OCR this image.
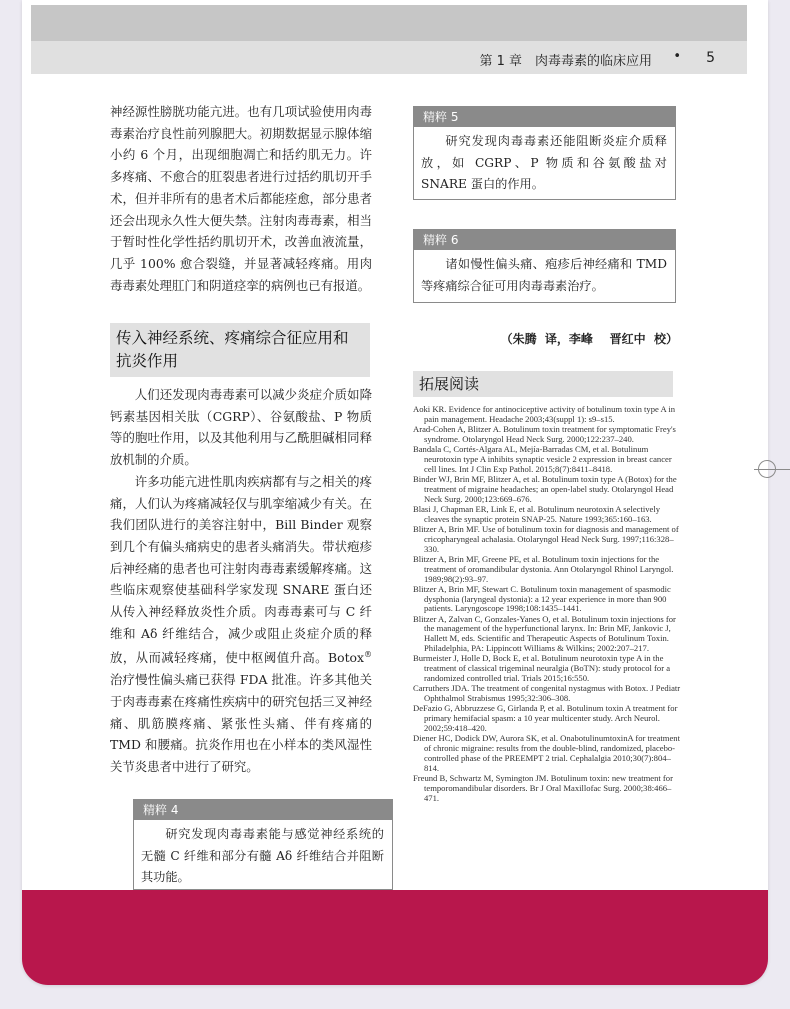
第 1 章　肉毒毒素的临床应用 • 5

神经源性膀胱功能亢进。也有几项试验使用肉毒毒素治疗良性前列腺肥大。初期数据显示腺体缩小约 6 个月，出现细胞凋亡和括约肌无力。许多疼痛、不愈合的肛裂患者进行过括约肌切开手术，但并非所有的患者术后都能痊愈，部分患者还会出现永久性大便失禁。注射肉毒毒素，相当于暂时性化学性括约肌切开术，改善血液流量，几乎 100% 愈合裂缝，并显著减轻疼痛。用肉毒毒素处理肛门和阴道痉挛的病例也已有报道。

传入神经系统、疼痛综合征应用和抗炎作用

人们还发现肉毒毒素可以减少炎症介质如降钙素基因相关肽（CGRP）、谷氨酸盐、P 物质等的胞吐作用，以及其他利用与乙酰胆碱相同释放机制的介质。

许多功能亢进性肌肉疾病都有与之相关的疼痛，人们认为疼痛减轻仅与肌挛缩减少有关。在我们团队进行的美容注射中，Bill Binder 观察到几个有偏头痛病史的患者头痛消失。带状疱疹后神经痛的患者也可注射肉毒毒素缓解疼痛。这些临床观察使基础科学家发现 SNARE 蛋白还从传入神经释放炎性介质。肉毒毒素可与 C 纤维和 Aδ 纤维结合，减少或阻止炎症介质的释放，从而减轻疼痛，使中枢阈值升高。Botox® 治疗慢性偏头痛已获得 FDA 批准。许多其他关于肉毒毒素在疼痛性疾病中的研究包括三叉神经痛、肌筋膜疼痛、紧张性头痛、伴有疼痛的 TMD 和腰痛。抗炎作用也在小样本的类风湿性关节炎患者中进行了研究。

精粹 4
研究发现肉毒毒素能与感觉神经系统的无髓 C 纤维和部分有髓 Aδ 纤维结合并阻断其功能。
精粹 5
研究发现肉毒毒素还能阻断炎症介质释放，如 CGRP、P 物质和谷氨酸盐对 SNARE 蛋白的作用。
精粹 6
诸如慢性偏头痛、疱疹后神经痛和 TMD 等疼痛综合征可用肉毒毒素治疗。
（朱腾  译，李峰    晋红中  校）
拓展阅读

Aoki KR. Evidence for antinociceptive activity of botulinum toxin type A in pain management. Headache 2003;43(suppl 1): s9–s15.

Arad-Cohen A, Blitzer A. Botulinum toxin treatment for symptomatic Frey's syndrome. Otolaryngol Head Neck Surg. 2000;122:237–240.

Bandala C, Cortés-Algara AL, Mejía-Barradas CM, et al. Botulinum neurotoxin type A inhibits synaptic vesicle 2 expression in breast cancer cell lines. Int J Clin Exp Pathol. 2015;8(7):8411–8418.

Binder WJ, Brin MF, Blitzer A, et al. Botulinum toxin type A (Botox) for the treatment of migraine headaches; an open-label study. Otolaryngol Head Neck Surg. 2000;123:669–676.

Blasi J, Chapman ER, Link E, et al. Botulinum neurotoxin A selectively cleaves the synaptic protein SNAP-25. Nature 1993;365:160–163.

Blitzer A, Brin MF. Use of botulinum toxin for diagnosis and management of cricopharyngeal achalasia. Otolaryngol Head Neck Surg. 1997;116:328–330.

Blitzer A, Brin MF, Greene PE, et al. Botulinum toxin injections for the treatment of oromandibular dystonia. Ann Otolaryngol Rhinol Laryngol. 1989;98(2):93–97.

Blitzer A, Brin MF, Stewart C. Botulinum toxin management of spasmodic dysphonia (laryngeal dystonia): a 12 year experience in more than 900 patients. Laryngoscope 1998;108:1435–1441.

Blitzer A, Zalvan C, Gonzales-Yanes O, et al. Botulinum toxin injections for the management of the hyperfunctional larynx. In: Brin MF, Jankovic J, Hallett M, eds. Scientific and Therapeutic Aspects of Botulinum Toxin. Philadelphia, PA: Lippincott Williams & Wilkins; 2002:207–217.

Burmeister J, Holle D, Bock E, et al. Botulinum neurotoxin type A in the treatment of classical trigeminal neuralgia (BoTN): study protocol for a randomized controlled trial. Trials 2015;16:550.

Carruthers JDA. The treatment of congenital nystagmus with Botox. J Pediatr Ophthalmol Strabismus 1995;32:306–308.

DeFazio G, Abbruzzese G, Girlanda P, et al. Botulinum toxin A treatment for primary hemifacial spasm: a 10 year multicenter study. Arch Neurol. 2002;59:418–420.

Diener HC, Dodick DW, Aurora SK, et al. OnabotulinumtoxinA for treatment of chronic migraine: results from the double-blind, randomized, placebo-controlled phase of the PREEMPT 2 trial. Cephalalgia 2010;30(7):804–814.

Freund B, Schwartz M, Symington JM. Botulinum toxin: new treatment for temporomandibular disorders. Br J Oral Maxillofac Surg. 2000;38:466–471.
